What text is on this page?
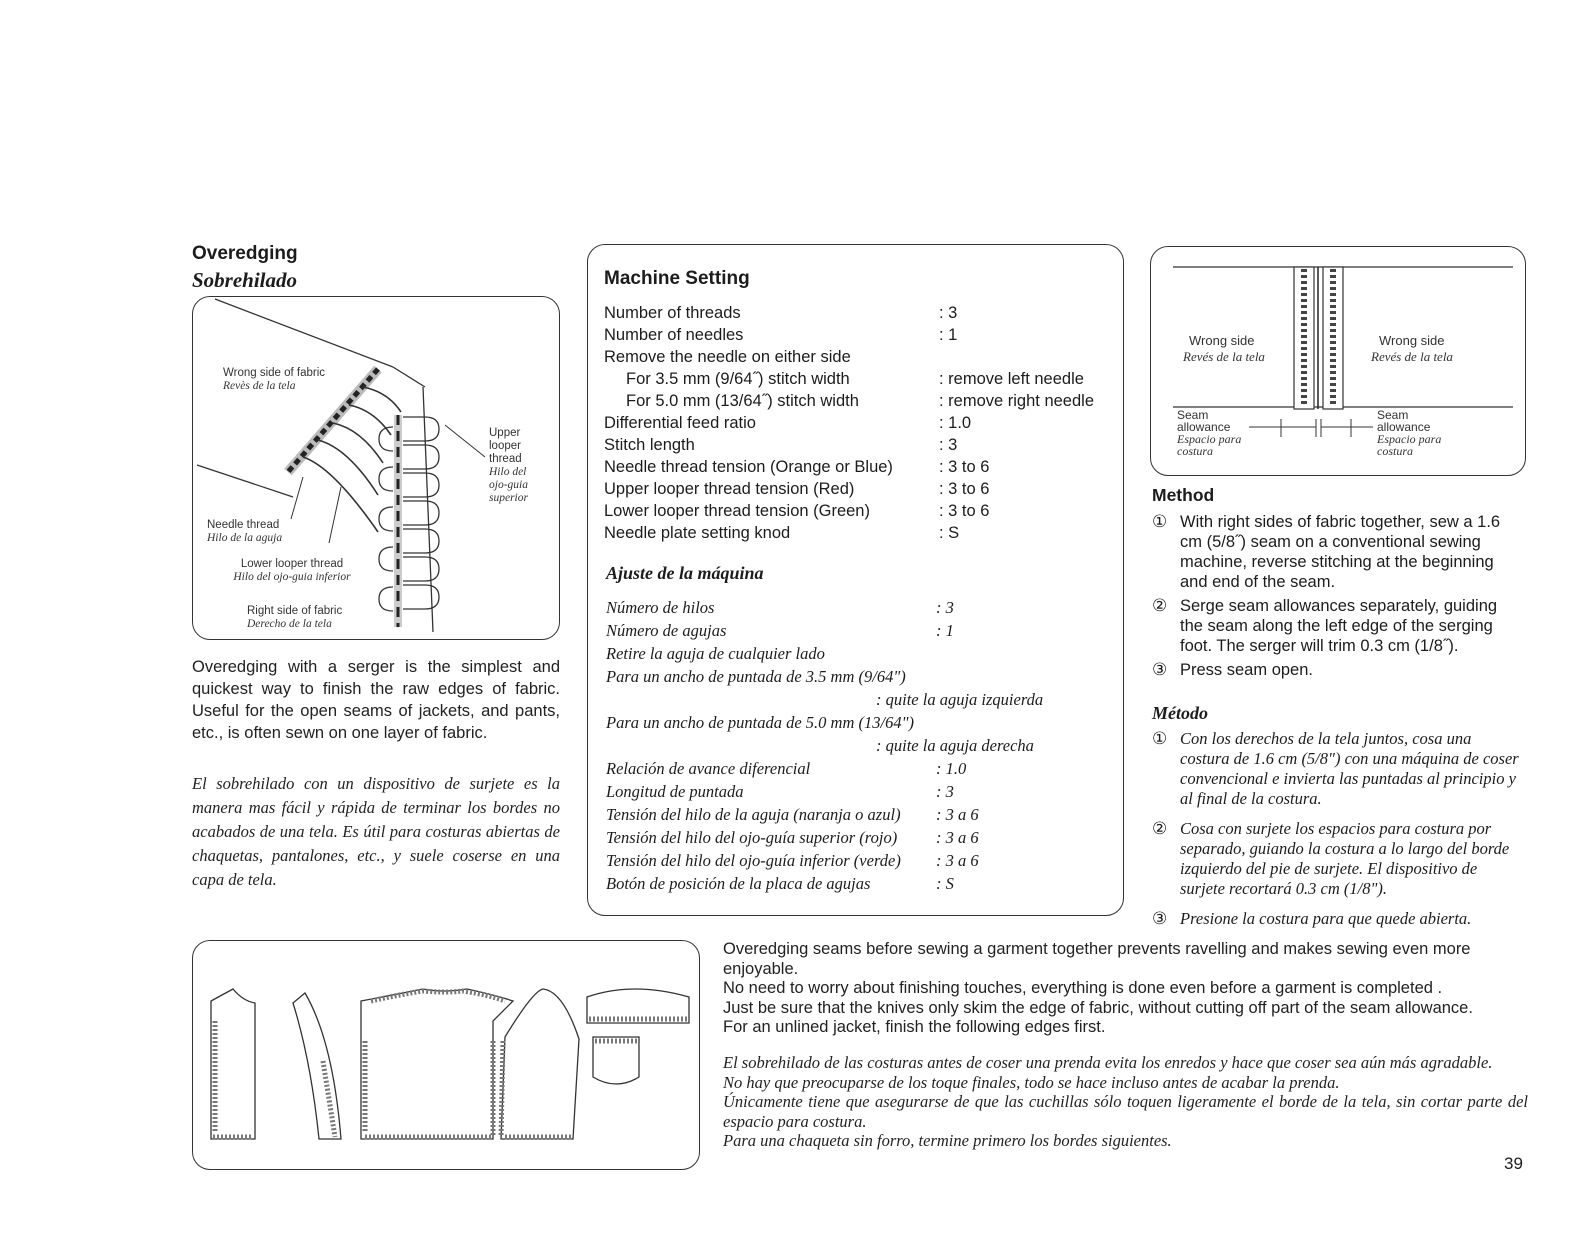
Overedging
Sobrehilado
Wrong side of fabric
Revès de la tela
Upper
looper
thread
Hilo del
ojo-guia
superior
Needle thread
Hilo de la aguja
Lower looper thread
Hilo del ojo-guia inferior
Right side of fabric
Derecho de la tela
Overedging with a serger is the simplest and quickest way to finish the raw edges of fabric. Useful for the open seams of jackets, and pants, etc., is often sewn on one layer of fabric.
El sobrehilado con un dispositivo de surjete es la manera mas fácil y rápida de terminar los bordes no acabados de una tela. Es útil para costuras abiertas de chaquetas, pantalones, etc., y suele coserse en una capa de tela.
Machine Setting
Number of threads	: 3
Number of needles	: 1
Remove the needle on either side
For 3.5 mm (9/64˝) stitch width	: remove left needle
For 5.0 mm (13/64˝) stitch width	: remove right needle
Differential feed ratio	: 1.0
Stitch length	: 3
Needle thread tension (Orange or Blue)	: 3 to 6
Upper looper thread tension (Red)	: 3 to 6
Lower looper thread tension (Green)	: 3 to 6
Needle plate setting knod	: S
Ajuste de la máquina
Número de hilos	: 3
Número de agujas	: 1
Retire la aguja de cualquier lado
Para un ancho de puntada de 3.5 mm (9/64")
: quite la aguja izquierda
Para un ancho de puntada de 5.0 mm (13/64")
: quite la aguja derecha
Relación de avance diferencial	: 1.0
Longitud de puntada	: 3
Tensión del hilo de la aguja (naranja o azul)	: 3 a 6
Tensión del hilo del ojo-guía superior (rojo)	: 3 a 6
Tensión del hilo del ojo-guía inferior (verde)	: 3 a 6
Botón de posición de la placa de agujas	: S
Wrong side
Revés de la tela
Wrong side
Revés de la tela
Seam
allowance
Espacio para
costura
Seam
allowance
Espacio para
costura
Method
① With right sides of fabric together, sew a 1.6 cm (5/8˝) seam on a conventional sewing machine, reverse stitching at the beginning and end of the seam.
② Serge seam allowances separately, guiding the seam along the left edge of the serging foot. The serger will trim 0.3 cm (1/8˝).
③ Press seam open.
Método
① Con los derechos de la tela juntos, cosa una costura de 1.6 cm (5/8") con una máquina de coser convencional e invierta las puntadas al principio y al final de la costura.
② Cosa con surjete los espacios para costura por separado, guiando la costura a lo largo del borde izquierdo del pie de surjete. El dispositivo de surjete recortará 0.3 cm (1/8").
③ Presione la costura para que quede abierta.
Overedging seams before sewing a garment together prevents ravelling and makes sewing even more enjoyable.
No need to worry about finishing touches, everything is done even before a garment is completed .
Just be sure that the knives only skim the edge of fabric, without cutting off part of the seam allowance.
For an unlined jacket, finish the following edges first.
El sobrehilado de las costuras antes de coser una prenda evita los enredos y hace que coser sea aún más agradable.
No hay que preocuparse de los toque finales, todo se hace incluso antes de acabar la prenda.
Únicamente tiene que asegurarse de que las cuchillas sólo toquen ligeramente el borde de la tela, sin cortar parte del espacio para costura.
Para una chaqueta sin forro, termine primero los bordes siguientes.
39
